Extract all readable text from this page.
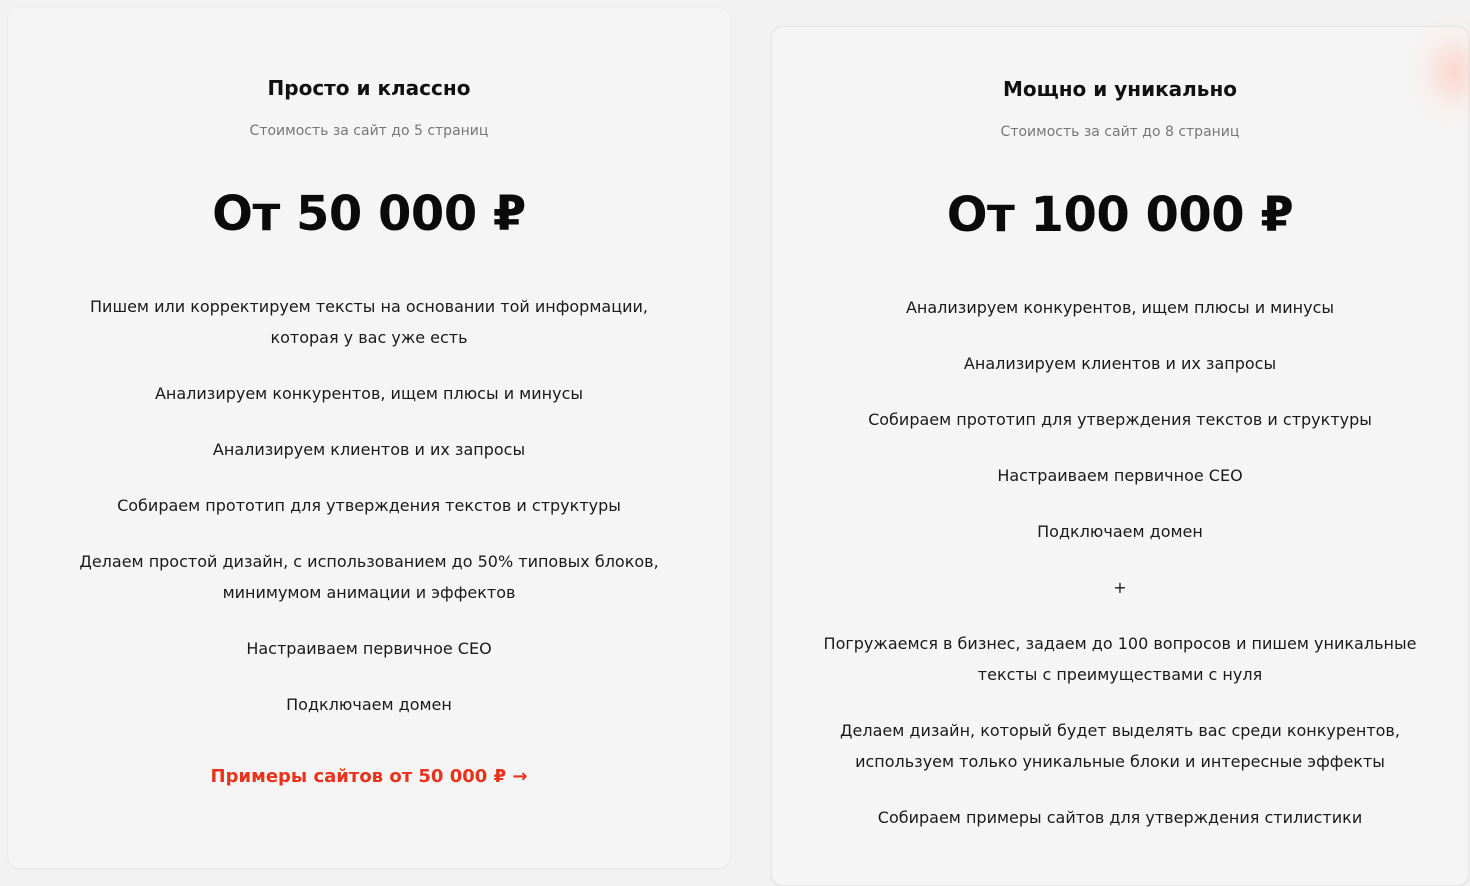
Просто и классно
Стоимость за сайт до 5 страниц
От 50 000 ₽
Пишем или корректируем тексты на основании той информации, которая у вас уже есть
Анализируем конкурентов, ищем плюсы и минусы
Анализируем клиентов и их запросы
Собираем прототип для утверждения текстов и структуры
Делаем простой дизайн, с использованием до 50% типовых блоков, минимумом анимации и эффектов
Настраиваем первичное СЕО
Подключаем домен
Примеры сайтов от 50 000 ₽ →
Мощно и уникально
Стоимость за сайт до 8 страниц
От 100 000 ₽
Анализируем конкурентов, ищем плюсы и минусы
Анализируем клиентов и их запросы
Собираем прототип для утверждения текстов и структуры
Настраиваем первичное СЕО
Подключаем домен
+
Погружаемся в бизнес, задаем до 100 вопросов и пишем уникальные тексты с преимуществами с нуля
Делаем дизайн, который будет выделять вас среди конкурентов, используем только уникальные блоки и интересные эффекты
Собираем примеры сайтов для утверждения стилистики
